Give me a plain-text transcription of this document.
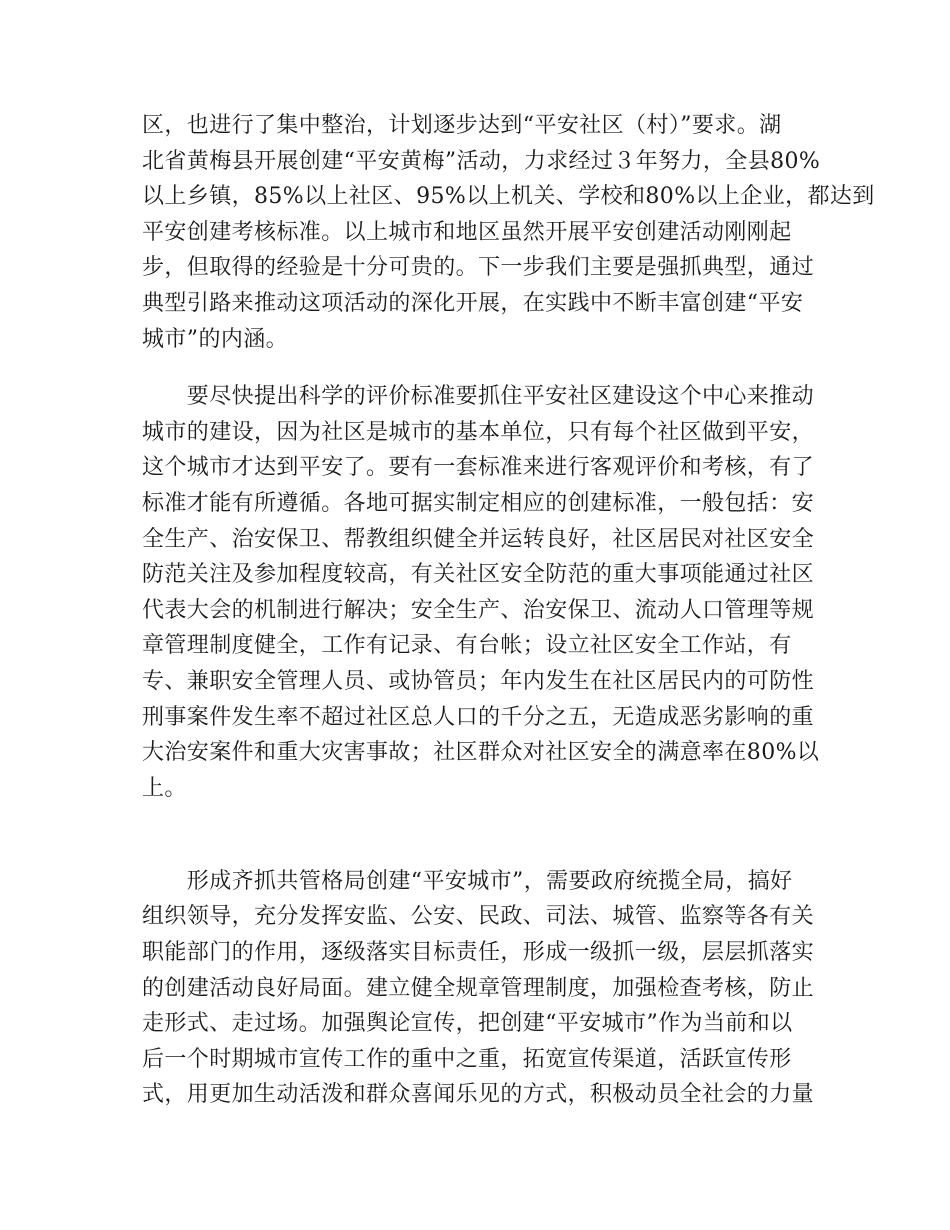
区，也进行了集中整治，计划逐步达到“平安社区（村）”要求。湖
北省黄梅县开展创建“平安黄梅”活动，力求经过３年努力，全县80%
以上乡镇，85%以上社区、95%以上机关、学校和80%以上企业，都达到
平安创建考核标准。以上城市和地区虽然开展平安创建活动刚刚起
步，但取得的经验是十分可贵的。下一步我们主要是强抓典型，通过
典型引路来推动这项活动的深化开展，在实践中不断丰富创建“平安
城市”的内涵。
　　要尽快提出科学的评价标准要抓住平安社区建设这个中心来推动
城市的建设，因为社区是城市的基本单位，只有每个社区做到平安，
这个城市才达到平安了。要有一套标准来进行客观评价和考核，有了
标准才能有所遵循。各地可据实制定相应的创建标准，一般包括：安
全生产、治安保卫、帮教组织健全并运转良好，社区居民对社区安全
防范关注及参加程度较高，有关社区安全防范的重大事项能通过社区
代表大会的机制进行解决；安全生产、治安保卫、流动人口管理等规
章管理制度健全，工作有记录、有台帐；设立社区安全工作站，有
专、兼职安全管理人员、或协管员；年内发生在社区居民内的可防性
刑事案件发生率不超过社区总人口的千分之五，无造成恶劣影响的重
大治安案件和重大灾害事故；社区群众对社区安全的满意率在80%以
上。
　　形成齐抓共管格局创建“平安城市”，需要政府统揽全局，搞好
组织领导，充分发挥安监、公安、民政、司法、城管、监察等各有关
职能部门的作用，逐级落实目标责任，形成一级抓一级，层层抓落实
的创建活动良好局面。建立健全规章管理制度，加强检查考核，防止
走形式、走过场。加强舆论宣传，把创建“平安城市”作为当前和以
后一个时期城市宣传工作的重中之重，拓宽宣传渠道，活跃宣传形
式，用更加生动活泼和群众喜闻乐见的方式，积极动员全社会的力量
